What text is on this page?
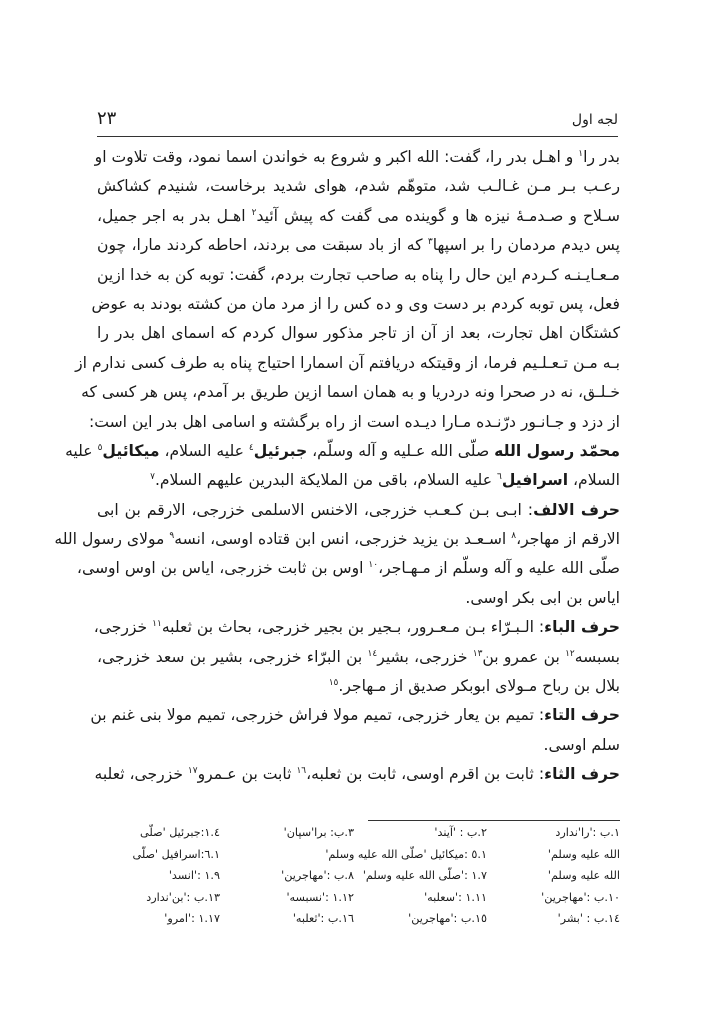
لجه اول
۲۳
بدر را$^۱$ و اهـل بدر را، گفت: الله اکبر و شروع به خواندن اسما نمود، وقت تلاوت او
رعـب بـر مـن غـالـب شد، متوهّم شدم، هوای شدید برخاست، شنیدم کشاکش
سـلاح و صـدمـهٔ نیزه ها و گوینده می گفت که پیش آئید$^۲$ اهـل بدر به اجر جمیل،
پس دیدم مردمان را بر اسپها$^۳$ که از باد سبقت می بردند، احاطه کردند مارا، چون
مـعـایـنـه کـردم این حال را پناه به صاحب تجارت بردم، گفت: توبه کن به خدا ازین
فعل، پس توبه کردم بر دست وی و ده کس را از مرد مان من کشته بودند به عوض
کشتگان اهل تجارت، بعد از آن از تاجر مذکور سوال کردم که اسمای اهل بدر را
بـه مـن تـعـلـیم فرما، از وقیتکه دریافتم آن اسمارا احتیاج پناه به طرف کسی ندارم از
خـلـق، نه در صحرا ونه دردریا و به همان اسما ازین طریق بر آمدم، پس هر کسی که
از دزد و جـانـور درّنـده مـارا دیـده است از راه برگشته و اسامی اهل بدر این است:
محمّد رسول الله صلّی الله عـلیه و آله وسلّم، جبرئیل$^٤$ علیه السلام، میکائیل$^٥$ علیه
السلام، اسرافیل$^٦$ علیه السلام، باقی من الملایکة البدرین علیهم السلام.$^۷$
حرف الالف: ابـی بـن کـعـب خزرجی، الاخنس الاسلمی خزرجی، الارقم بن ابی
الارقم از مهاجر،$^۸$ اسـعـد بن یزید خزرجی، انس ابن قتاده اوسی، انسه$^۹$ مولای رسول الله
صلّی الله علیه و آله وسلّم از مـهـاجر،$^{۱۰}$ اوس بن ثابت خزرجی، ایاس بن اوس اوسی،
ایاس بن ابی بکر اوسی.
حرف الباء: الـبـرّاء بـن مـعـرور، بـجیر بن بجیر خزرجی، بحاث بن ثعلبه$^{۱۱}$ خزرجی،
بسبسه$^{۱۲}$ بن عمرو بن$^{۱۳}$ خزرجی، بشیر$^{۱٤}$ بن البرّاء خزرجی، بشیر بن سعد خزرجی،
بلال بن رباح مـولای ابوبکر صدیق از مـهاجر.$^{۱٥}$
حرف التاء: تمیم بن یعار خزرجی، تمیم مولا فراش خزرجی، تمیم مولا بنی غنم بن
سلم اوسی.
حرف الثاء: ثابت بن اقرم اوسی، ثابت بن ثعلبه،$^{۱٦}$ ثابت بن عـمرو$^{۱۷}$ خزرجی، ثعلبه
۱.ب :'را'ندارد
۲.ب : 'آیند'
۳.ب: برا'سپان'
٤.۱:جبرئیل 'صلّی
الله علیه وسلم'
۱.٥ :میکائیل 'صلّی الله علیه وسلم'
۱.٦:اسرافیل 'صلّی
الله علیه وسلم'
۱.۷ :'صلّی الله علیه وسلم'
۸.ب :'مهاجرین'
۱.۹ :'انسد'
۱۰.ب :'مهاجرین'
۱.۱۱ :'سعلبه'
۱.۱۲ :'نسبسه'
۱۳.ب :'بن'ندارد
۱٤.ب : 'بشر'
۱٥.ب :'مهاجرین'
۱٦.ب :'ثعلبه'
۱.۱۷ :'امرو'
